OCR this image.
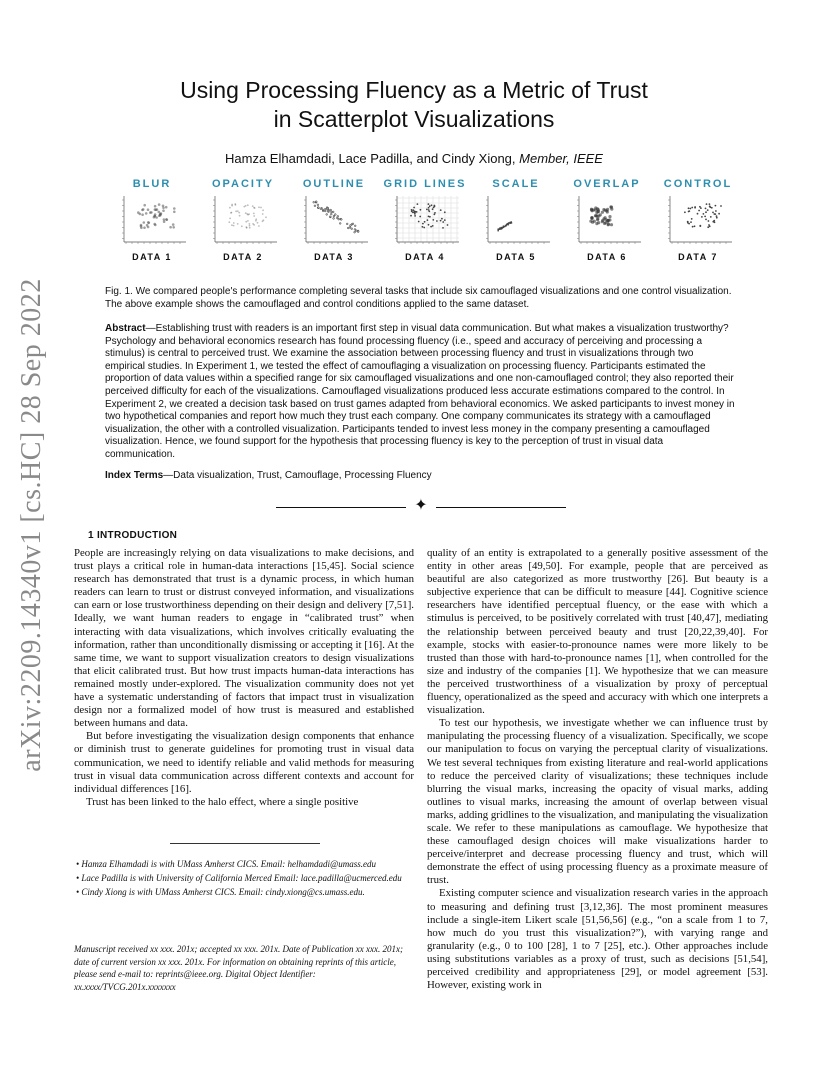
arXiv:2209.14340v1 [cs.HC] 28 Sep 2022
Using Processing Fluency as a Metric of Trust
in Scatterplot Visualizations
Hamza Elhamdadi, Lace Padilla, and Cindy Xiong, Member, IEEE
BLUR
DATA 1
OPACITY
DATA 2
OUTLINE
DATA 3
GRID LINES
DATA 4
SCALE
DATA 5
OVERLAP
DATA 6
CONTROL
DATA 7
Fig. 1. We compared people's performance completing several tasks that include six camouflaged visualizations and one control visualization. The above example shows the camouflaged and control conditions applied to the same dataset.
Abstract—Establishing trust with readers is an important first step in visual data communication. But what makes a visualization trustworthy? Psychology and behavioral economics research has found processing fluency (i.e., speed and accuracy of perceiving and processing a stimulus) is central to perceived trust. We examine the association between processing fluency and trust in visualizations through two empirical studies. In Experiment 1, we tested the effect of camouflaging a visualization on processing fluency. Participants estimated the proportion of data values within a specified range for six camouflaged visualizations and one non-camouflaged control; they also reported their perceived difficulty for each of the visualizations. Camouflaged visualizations produced less accurate estimations compared to the control. In Experiment 2, we created a decision task based on trust games adapted from behavioral economics. We asked participants to invest money in two hypothetical companies and report how much they trust each company. One company communicates its strategy with a camouflaged visualization, the other with a controlled visualization. Participants tended to invest less money in the company presenting a camouflaged visualization. Hence, we found support for the hypothesis that processing fluency is key to the perception of trust in visual data communication.
Index Terms—Data visualization, Trust, Camouflage, Processing Fluency
✦
1 INTRODUCTION

People are increasingly relying on data visualizations to make decisions, and trust plays a critical role in human-data interactions [15,45]. Social science research has demonstrated that trust is a dynamic process, in which human readers can learn to trust or distrust conveyed information, and visualizations can earn or lose trustworthiness depending on their design and delivery [7,51]. Ideally, we want human readers to engage in “calibrated trust” when interacting with data visualizations, which involves critically evaluating the information, rather than unconditionally dismissing or accepting it [16]. At the same time, we want to support visualization creators to design visualizations that elicit calibrated trust. But how trust impacts human-data interactions has remained mostly under-explored. The visualization community does not yet have a systematic understanding of factors that impact trust in visualization design nor a formalized model of how trust is measured and established between humans and data.

But before investigating the visualization design components that enhance or diminish trust to generate guidelines for promoting trust in visual data communication, we need to identify reliable and valid methods for measuring trust in visual data communication across different contexts and account for individual differences [16].

Trust has been linked to the halo effect, where a single positive

• Hamza Elhamdadi is with UMass Amherst CICS. Email: helhamdadi@umass.edu
• Lace Padilla is with University of California Merced Email: lace.padilla@ucmerced.edu
• Cindy Xiong is with UMass Amherst CICS. Email: cindy.xiong@cs.umass.edu.
Manuscript received xx xxx. 201x; accepted xx xxx. 201x. Date of Publication xx xxx. 201x; date of current version xx xxx. 201x. For information on obtaining reprints of this article, please send e-mail to: reprints@ieee.org. Digital Object Identifier: xx.xxxx/TVCG.201x.xxxxxxx

quality of an entity is extrapolated to a generally positive assessment of the entity in other areas [49,50]. For example, people that are perceived as beautiful are also categorized as more trustworthy [26]. But beauty is a subjective experience that can be difficult to measure [44]. Cognitive science researchers have identified perceptual fluency, or the ease with which a stimulus is perceived, to be positively correlated with trust [40,47], mediating the relationship between perceived beauty and trust [20,22,39,40]. For example, stocks with easier-to-pronounce names were more likely to be trusted than those with hard-to-pronounce names [1], when controlled for the size and industry of the companies [1]. We hypothesize that we can measure the perceived trustworthiness of a visualization by proxy of perceptual fluency, operationalized as the speed and accuracy with which one interprets a visualization.

To test our hypothesis, we investigate whether we can influence trust by manipulating the processing fluency of a visualization. Specifically, we scope our manipulation to focus on varying the perceptual clarity of visualizations. We test several techniques from existing literature and real-world applications to reduce the perceived clarity of visualizations; these techniques include blurring the visual marks, increasing the opacity of visual marks, adding outlines to visual marks, increasing the amount of overlap between visual marks, adding gridlines to the visualization, and manipulating the visualization scale. We refer to these manipulations as camouflage. We hypothesize that these camouflaged design choices will make visualizations harder to perceive/interpret and decrease processing fluency and trust, which will demonstrate the effect of using processing fluency as a proximate measure of trust.

Existing computer science and visualization research varies in the approach to measuring and defining trust [3,12,36]. The most prominent measures include a single-item Likert scale [51,56,56] (e.g., “on a scale from 1 to 7, how much do you trust this visualization?”), with varying range and granularity (e.g., 0 to 100 [28], 1 to 7 [25], etc.). Other approaches include using substitutions variables as a proxy of trust, such as decisions [51,54], perceived credibility and appropriateness [29], or model agreement [53]. However, existing work in
